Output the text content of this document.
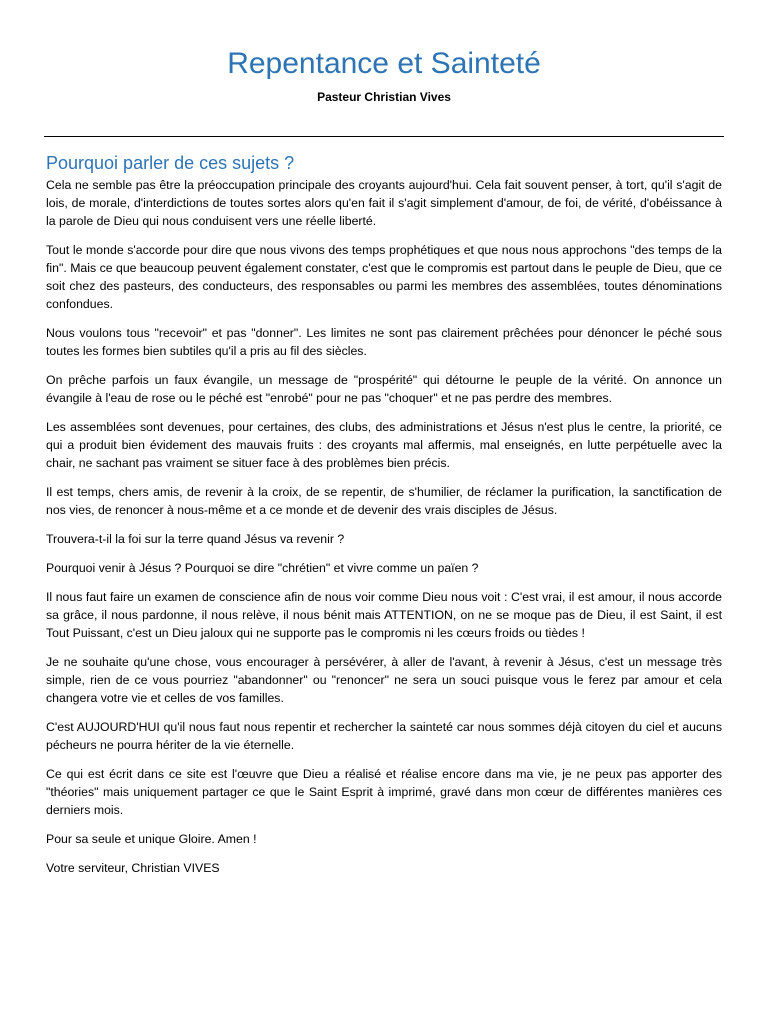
Repentance et Sainteté
Pasteur Christian Vives
Pourquoi parler de ces sujets ?

Cela ne semble pas être la préoccupation principale des croyants aujourd'hui. Cela fait souvent penser, à tort, qu'il s'agit de lois, de morale, d'interdictions de toutes sortes alors qu'en fait il s'agit simplement d'amour, de foi, de vérité, d'obéissance à la parole de Dieu qui nous conduisent vers une réelle liberté.

Tout le monde s'accorde pour dire que nous vivons des temps prophétiques et que nous nous approchons "des temps de la fin". Mais ce que beaucoup peuvent également constater, c'est que le compromis est partout dans le peuple de Dieu, que ce soit chez des pasteurs, des conducteurs, des responsables ou parmi les membres des assemblées, toutes dénominations confondues.

Nous voulons tous "recevoir" et pas "donner". Les limites ne sont pas clairement prêchées pour dénoncer le péché sous toutes les formes bien subtiles qu'il a pris au fil des siècles.

On prêche parfois un faux évangile, un message de "prospérité" qui détourne le peuple de la vérité. On annonce un évangile à l'eau de rose ou le péché est "enrobé" pour ne pas "choquer" et ne pas perdre des membres.

Les assemblées sont devenues, pour certaines, des clubs, des administrations et Jésus n'est plus le centre, la priorité, ce qui a produit bien évidement des mauvais fruits : des croyants mal affermis, mal enseignés, en lutte perpétuelle avec la chair, ne sachant pas vraiment se situer face à des problèmes bien précis.

Il est temps, chers amis, de revenir à la croix, de se repentir, de s'humilier, de réclamer la purification, la sanctification de nos vies, de renoncer à nous-même et a ce monde et de devenir des vrais disciples de Jésus.

Trouvera-t-il la foi sur la terre quand Jésus va revenir ?

Pourquoi venir à Jésus ? Pourquoi se dire "chrétien" et vivre comme un païen ?

Il nous faut faire un examen de conscience afin de nous voir comme Dieu nous voit : C'est vrai, il est amour, il nous accorde sa grâce, il nous pardonne, il nous relève, il nous bénit mais ATTENTION, on ne se moque pas de Dieu, il est Saint, il est Tout Puissant, c'est un Dieu jaloux qui ne supporte pas le compromis ni les cœurs froids ou tièdes !

Je ne souhaite qu'une chose, vous encourager à persévérer, à aller de l'avant, à revenir à Jésus, c'est un message très simple, rien de ce vous pourriez "abandonner" ou "renoncer" ne sera un souci puisque vous le ferez par amour et cela changera votre vie et celles de vos familles.

C'est AUJOURD'HUI qu'il nous faut nous repentir et rechercher la sainteté car nous sommes déjà citoyen du ciel et aucuns pécheurs ne pourra hériter de la vie éternelle.

Ce qui est écrit dans ce site est l'œuvre que Dieu a réalisé et réalise encore dans ma vie, je ne peux pas apporter des "théories" mais uniquement partager ce que le Saint Esprit à imprimé, gravé dans mon cœur de différentes manières ces derniers mois.

Pour sa seule et unique Gloire. Amen !

Votre serviteur, Christian VIVES
